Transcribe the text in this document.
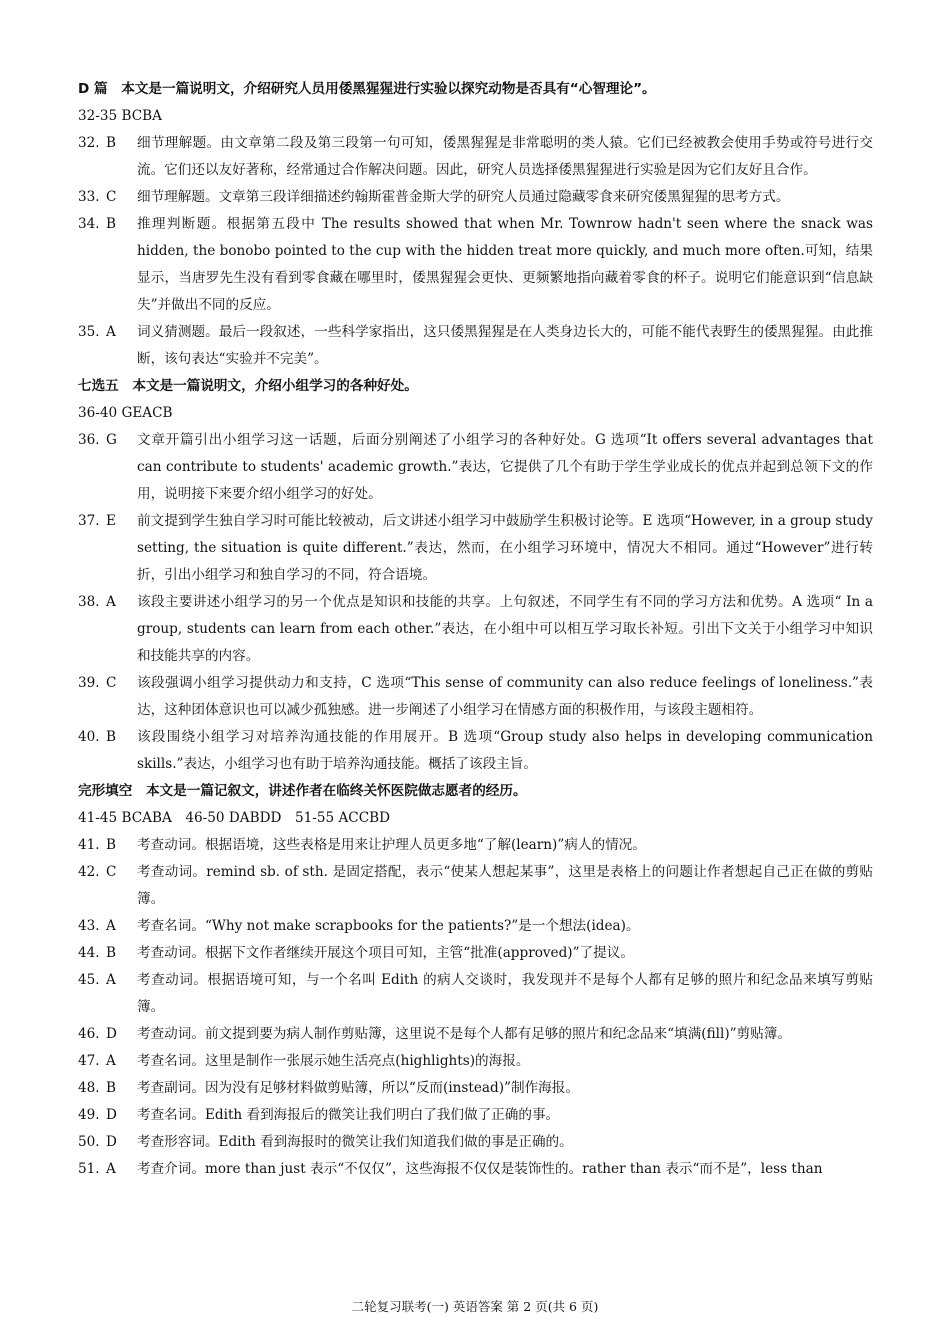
D 篇　本文是一篇说明文，介绍研究人员用倭黑猩猩进行实验以探究动物是否具有“心智理论”。
32-35 BCBA
32. B	细节理解题。由文章第二段及第三段第一句可知，倭黑猩猩是非常聪明的类人猿。它们已经被教会使用手势或符号进行交流。它们还以友好著称，经常通过合作解决问题。因此，研究人员选择倭黑猩猩进行实验是因为它们友好且合作。
33. C	细节理解题。文章第三段详细描述约翰斯霍普金斯大学的研究人员通过隐藏零食来研究倭黑猩猩的思考方式。
34. B	推理判断题。根据第五段中 The results showed that when Mr. Townrow hadn't seen where the snack was hidden, the bonobo pointed to the cup with the hidden treat more quickly, and much more often.可知，结果显示，当唐罗先生没有看到零食藏在哪里时，倭黑猩猩会更快、更频繁地指向藏着零食的杯子。说明它们能意识到“信息缺失”并做出不同的反应。
35. A	词义猜测题。最后一段叙述，一些科学家指出，这只倭黑猩猩是在人类身边长大的，可能不能代表野生的倭黑猩猩。由此推断，该句表达“实验并不完美”。
七选五　本文是一篇说明文，介绍小组学习的各种好处。
36-40 GEACB
36. G	文章开篇引出小组学习这一话题，后面分别阐述了小组学习的各种好处。G 选项“It offers several advantages that can contribute to students' academic growth.”表达，它提供了几个有助于学生学业成长的优点并起到总领下文的作用，说明接下来要介绍小组学习的好处。
37. E	前文提到学生独自学习时可能比较被动，后文讲述小组学习中鼓励学生积极讨论等。E 选项“However, in a group study setting, the situation is quite different.”表达，然而，在小组学习环境中，情况大不相同。通过“However”进行转折，引出小组学习和独自学习的不同，符合语境。
38. A	该段主要讲述小组学习的另一个优点是知识和技能的共享。上句叙述，不同学生有不同的学习方法和优势。A 选项“ In a group, students can learn from each other.”表达，在小组中可以相互学习取长补短。引出下文关于小组学习中知识和技能共享的内容。
39. C	该段强调小组学习提供动力和支持，C 选项“This sense of community can also reduce feelings of loneliness.”表达，这种团体意识也可以减少孤独感。进一步阐述了小组学习在情感方面的积极作用，与该段主题相符。
40. B	该段围绕小组学习对培养沟通技能的作用展开。B 选项“Group study also helps in developing communication skills.”表达，小组学习也有助于培养沟通技能。概括了该段主旨。
完形填空　本文是一篇记叙文，讲述作者在临终关怀医院做志愿者的经历。
41-45 BCABA　46-50 DABDD　51-55 ACCBD
41. B	考查动词。根据语境，这些表格是用来让护理人员更多地“了解(learn)”病人的情况。
42. C	考查动词。remind sb. of sth. 是固定搭配，表示“使某人想起某事”，这里是表格上的问题让作者想起自己正在做的剪贴簿。
43. A	考查名词。“Why not make scrapbooks for the patients?”是一个想法(idea)。
44. B	考查动词。根据下文作者继续开展这个项目可知，主管“批准(approved)”了提议。
45. A	考查动词。根据语境可知，与一个名叫 Edith 的病人交谈时，我发现并不是每个人都有足够的照片和纪念品来填写剪贴簿。
46. D	考查动词。前文提到要为病人制作剪贴簿，这里说不是每个人都有足够的照片和纪念品来“填满(fill)”剪贴簿。
47. A	考查名词。这里是制作一张展示她生活亮点(highlights)的海报。
48. B	考查副词。因为没有足够材料做剪贴簿，所以“反而(instead)”制作海报。
49. D	考查名词。Edith 看到海报后的微笑让我们明白了我们做了正确的事。
50. D	考查形容词。Edith 看到海报时的微笑让我们知道我们做的事是正确的。
51. A	考查介词。more than just 表示“不仅仅”，这些海报不仅仅是装饰性的。rather than 表示“而不是”，less than
二轮复习联考(一) 英语答案 第 2 页(共 6 页)
